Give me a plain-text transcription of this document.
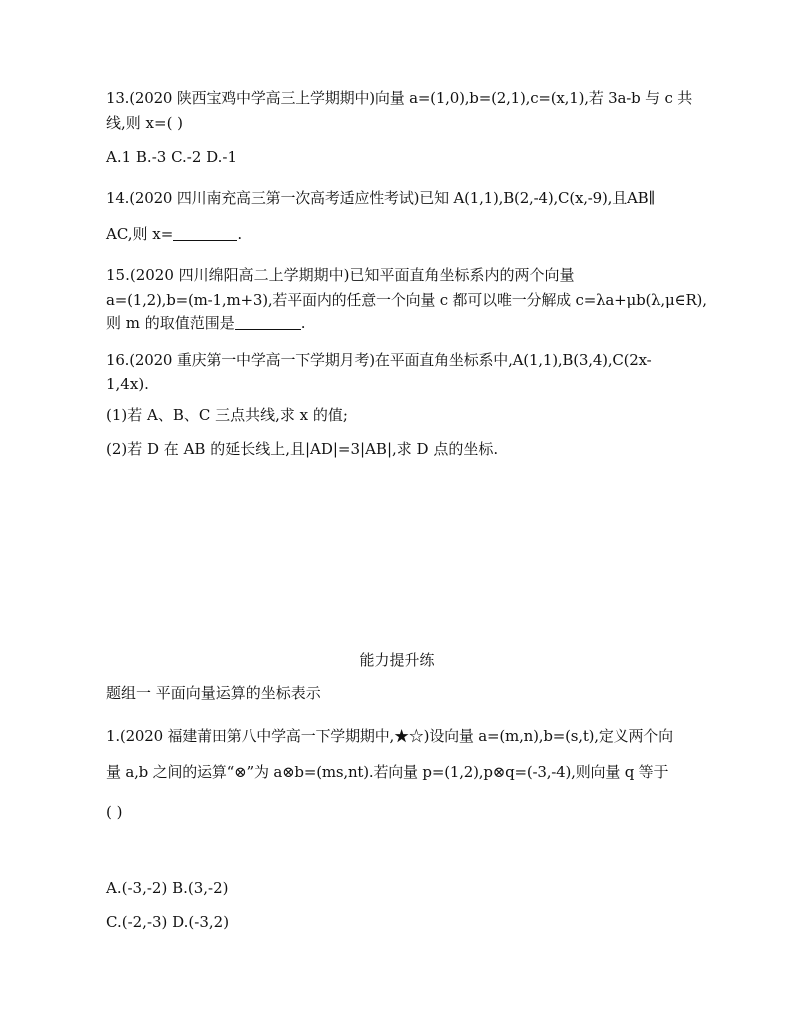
13.(2020 陕西宝鸡中学高三上学期期中)向量 a=(1,0),b=(2,1),c=(x,1),若 3a-b 与 c 共
线,则 x=( )
A.1 B.-3 C.-2 D.-1
14.(2020 四川南充高三第一次高考适应性考试)已知 A(1,1),B(2,-4),C(x,-9),且AB∥
AC,则 x=	.
15.(2020 四川绵阳高二上学期期中)已知平面直角坐标系内的两个向量
a=(1,2),b=(m-1,m+3),若平面内的任意一个向量 c 都可以唯一分解成 c=λa+μb(λ,μ∈R),
则 m 的取值范围是	.
16.(2020 重庆第一中学高一下学期月考)在平面直角坐标系中,A(1,1),B(3,4),C(2x-
1,4x).
(1)若 A、B、C 三点共线,求 x 的值;
(2)若 D 在 AB 的延长线上,且|AD|=3|AB|,求 D 点的坐标.
能力提升练
题组一 平面向量运算的坐标表示
1.(2020 福建莆田第八中学高一下学期期中,★☆)设向量 a=(m,n),b=(s,t),定义两个向
量 a,b 之间的运算“⊗”为 a⊗b=(ms,nt).若向量 p=(1,2),p⊗q=(-3,-4),则向量 q 等于
( )
A.(-3,-2) B.(3,-2)
C.(-2,-3) D.(-3,2)
